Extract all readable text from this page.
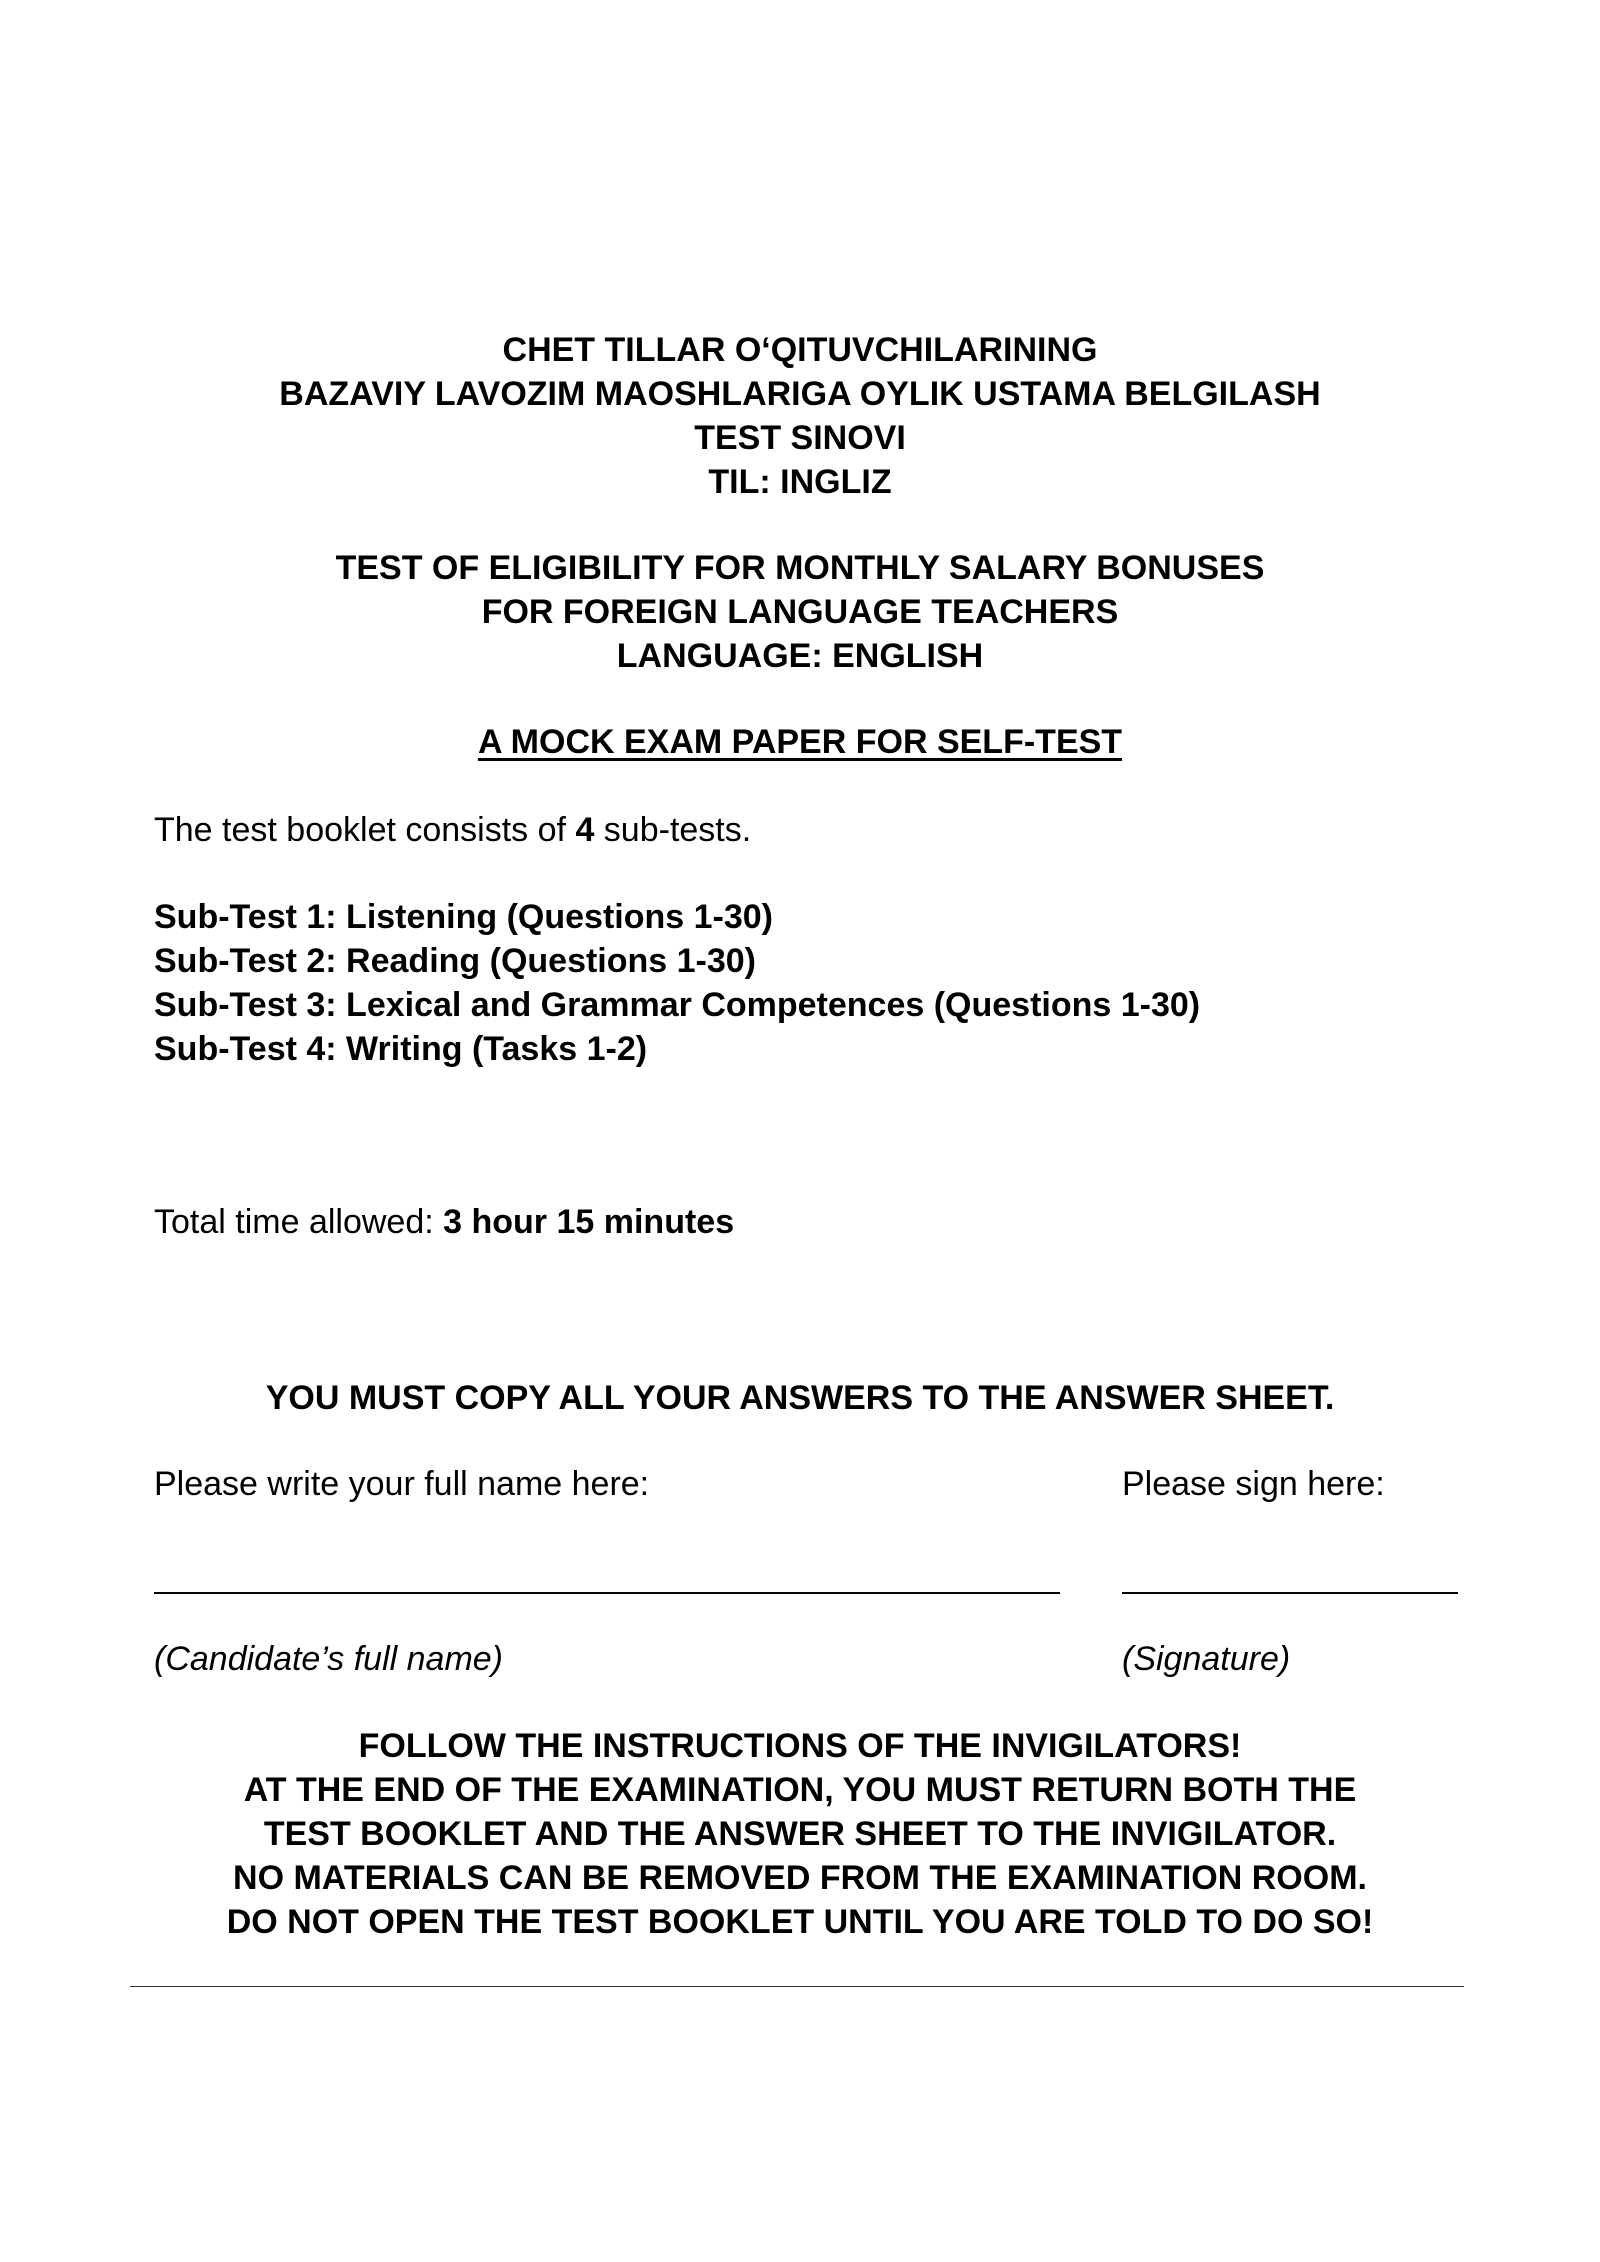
CHET TILLAR O‘QITUVCHILARINING
BAZAVIY LAVOZIM MAOSHLARIGA OYLIK USTAMA BELGILASH
TEST SINOVI
TIL: INGLIZ
TEST OF ELIGIBILITY FOR MONTHLY SALARY BONUSES
FOR FOREIGN LANGUAGE TEACHERS
LANGUAGE: ENGLISH
A MOCK EXAM PAPER FOR SELF-TEST
The test booklet consists of 4 sub-tests.
Sub-Test 1: Listening (Questions 1-30)
Sub-Test 2: Reading (Questions 1-30)
Sub-Test 3: Lexical and Grammar Competences (Questions 1-30)
Sub-Test 4: Writing (Tasks 1-2)
Total time allowed: 3 hour 15 minutes
YOU MUST COPY ALL YOUR ANSWERS TO THE ANSWER SHEET.
Please write your full name here:	Please sign here:
(Candidate’s full name)	(Signature)
FOLLOW THE INSTRUCTIONS OF THE INVIGILATORS!
AT THE END OF THE EXAMINATION, YOU MUST RETURN BOTH THE
TEST BOOKLET AND THE ANSWER SHEET TO THE INVIGILATOR.
NO MATERIALS CAN BE REMOVED FROM THE EXAMINATION ROOM.
DO NOT OPEN THE TEST BOOKLET UNTIL YOU ARE TOLD TO DO SO!
